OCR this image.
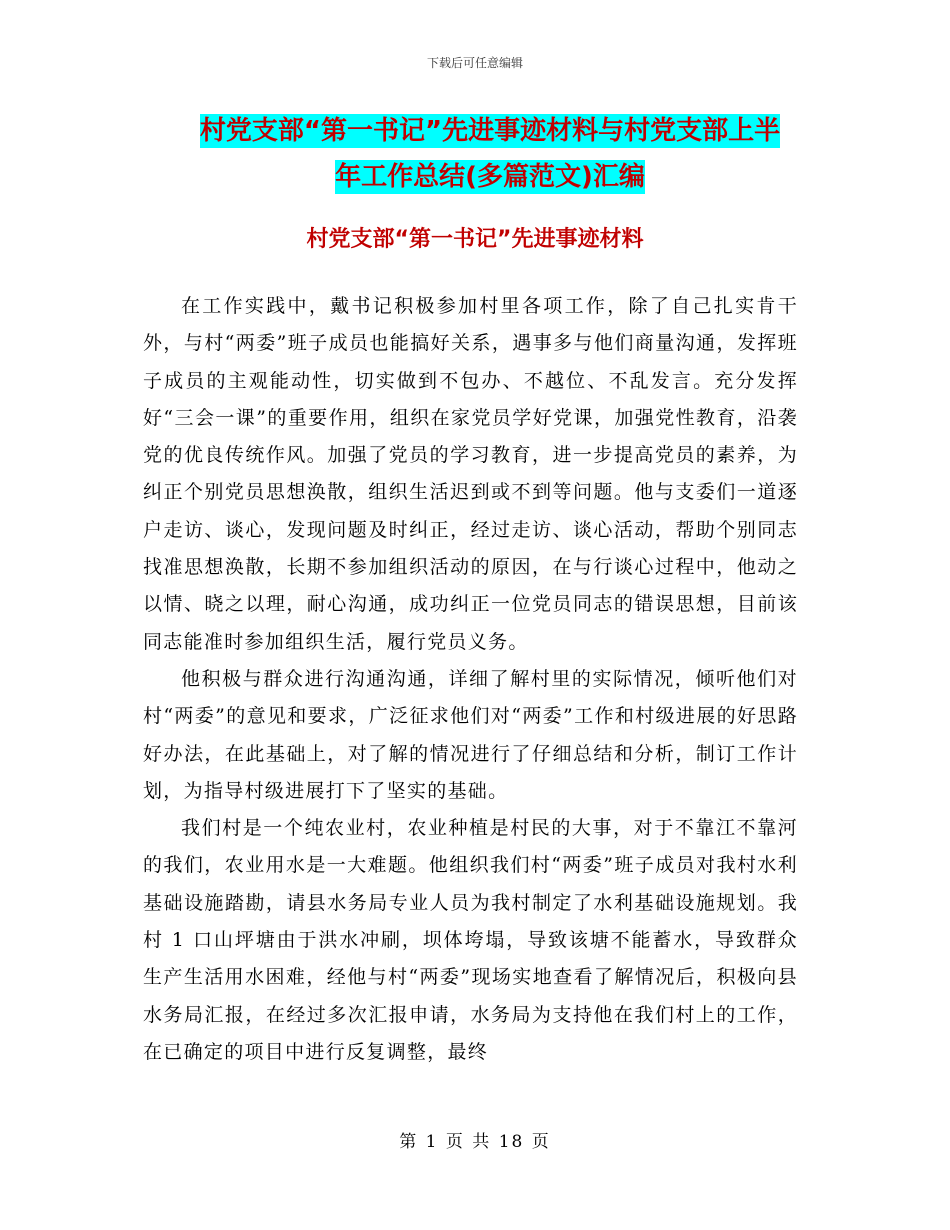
下载后可任意编辑
村党支部“第一书记”先进事迹材料与村党支部上半
年工作总结(多篇范文)汇编
村党支部“第一书记”先进事迹材料

在工作实践中，戴书记积极参加村里各项工作，除了自己扎实肯干外，与村“两委”班子成员也能搞好关系，遇事多与他们商量沟通，发挥班子成员的主观能动性，切实做到不包办、不越位、不乱发言。充分发挥好“三会一课”的重要作用，组织在家党员学好党课，加强党性教育，沿袭党的优良传统作风。加强了党员的学习教育，进一步提高党员的素养，为纠正个别党员思想涣散，组织生活迟到或不到等问题。他与支委们一道逐户走访、谈心，发现问题及时纠正，经过走访、谈心活动，帮助个别同志找准思想涣散，长期不参加组织活动的原因，在与行谈心过程中，他动之以情、晓之以理，耐心沟通，成功纠正一位党员同志的错误思想，目前该同志能准时参加组织生活，履行党员义务。

他积极与群众进行沟通沟通，详细了解村里的实际情况，倾听他们对村“两委”的意见和要求，广泛征求他们对“两委”工作和村级进展的好思路好办法，在此基础上，对了解的情况进行了仔细总结和分析，制订工作计划，为指导村级进展打下了坚实的基础。

我们村是一个纯农业村，农业种植是村民的大事，对于不靠江不靠河的我们，农业用水是一大难题。他组织我们村“两委”班子成员对我村水利基础设施踏勘，请县水务局专业人员为我村制定了水利基础设施规划。我村 1 口山坪塘由于洪水冲刷，坝体垮塌，导致该塘不能蓄水，导致群众生产生活用水困难，经他与村“两委”现场实地查看了解情况后，积极向县水务局汇报，在经过多次汇报申请，水务局为支持他在我们村上的工作，在已确定的项目中进行反复调整，最终

第 1 页 共 18 页
